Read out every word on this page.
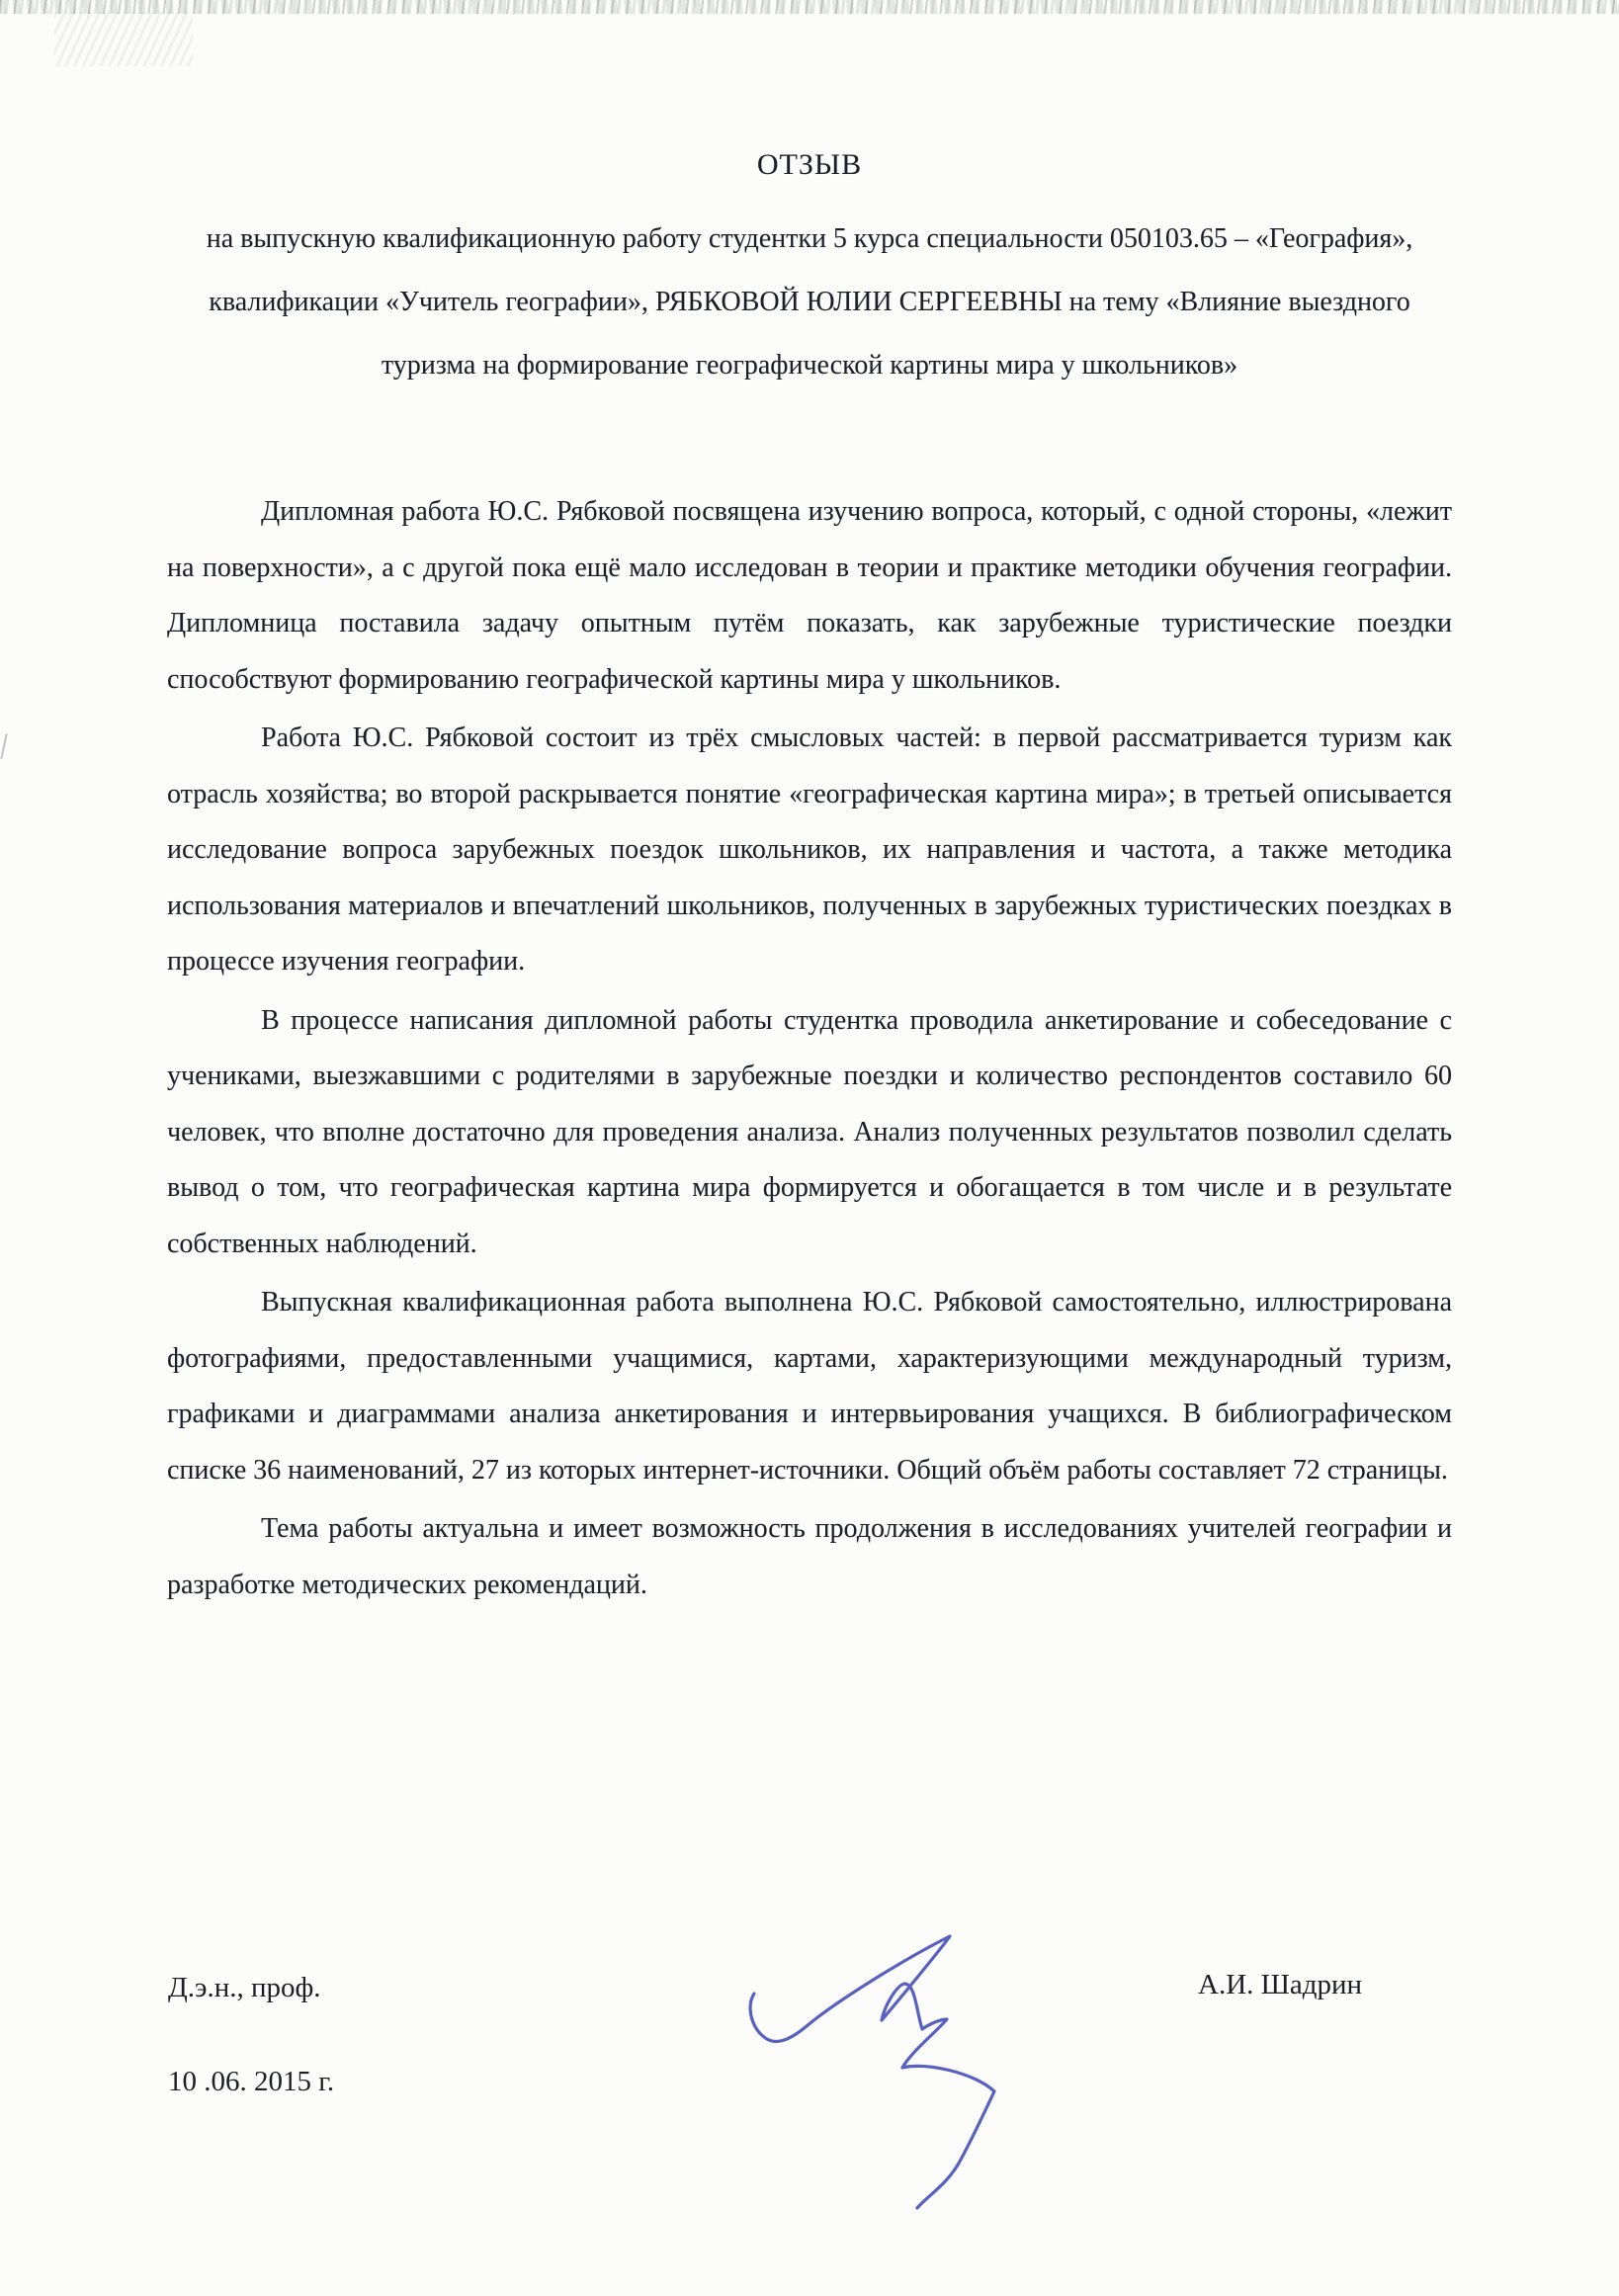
ОТЗЫВ
на выпускную квалификационную работу студентки 5 курса специальности 050103.65 – «География», квалификации «Учитель географии», РЯБКОВОЙ ЮЛИИ СЕРГЕЕВНЫ на тему «Влияние выездного туризма на формирование географической картины мира у школьников»

Дипломная работа Ю.С. Рябковой посвящена изучению вопроса, который, с одной стороны, «лежит на поверхности», а с другой пока ещё мало исследован в теории и практике методики обучения географии. Дипломница поставила задачу опытным путём показать, как зарубежные туристические поездки способствуют формированию географической картины мира у школьников.

Работа Ю.С. Рябковой состоит из трёх смысловых частей: в первой рассматривается туризм как отрасль хозяйства; во второй раскрывается понятие «географическая картина мира»; в третьей описывается исследование вопроса зарубежных поездок школьников, их направления и частота, а также методика использования материалов и впечатлений школьников, полученных в зарубежных туристических поездках в процессе изучения географии.

В процессе написания дипломной работы студентка проводила анкетирование и собеседование с учениками, выезжавшими с родителями в зарубежные поездки и количество респондентов составило 60 человек, что вполне достаточно для проведения анализа. Анализ полученных результатов позволил сделать вывод о том, что географическая картина мира формируется и обогащается в том числе и в результате собственных наблюдений.

Выпускная квалификационная работа выполнена Ю.С. Рябковой самостоятельно, иллюстрирована фотографиями, предоставленными учащимися, картами, характеризующими международный туризм, графиками и диаграммами анализа анкетирования и интервьирования учащихся. В библиографическом списке 36 наименований, 27 из которых интернет-источники. Общий объём работы составляет 72 страницы.

Тема работы актуальна и имеет возможность продолжения в исследованиях учителей географии и разработке методических рекомендаций.

Д.э.н., проф.
10 .06. 2015 г.
А.И. Шадрин
